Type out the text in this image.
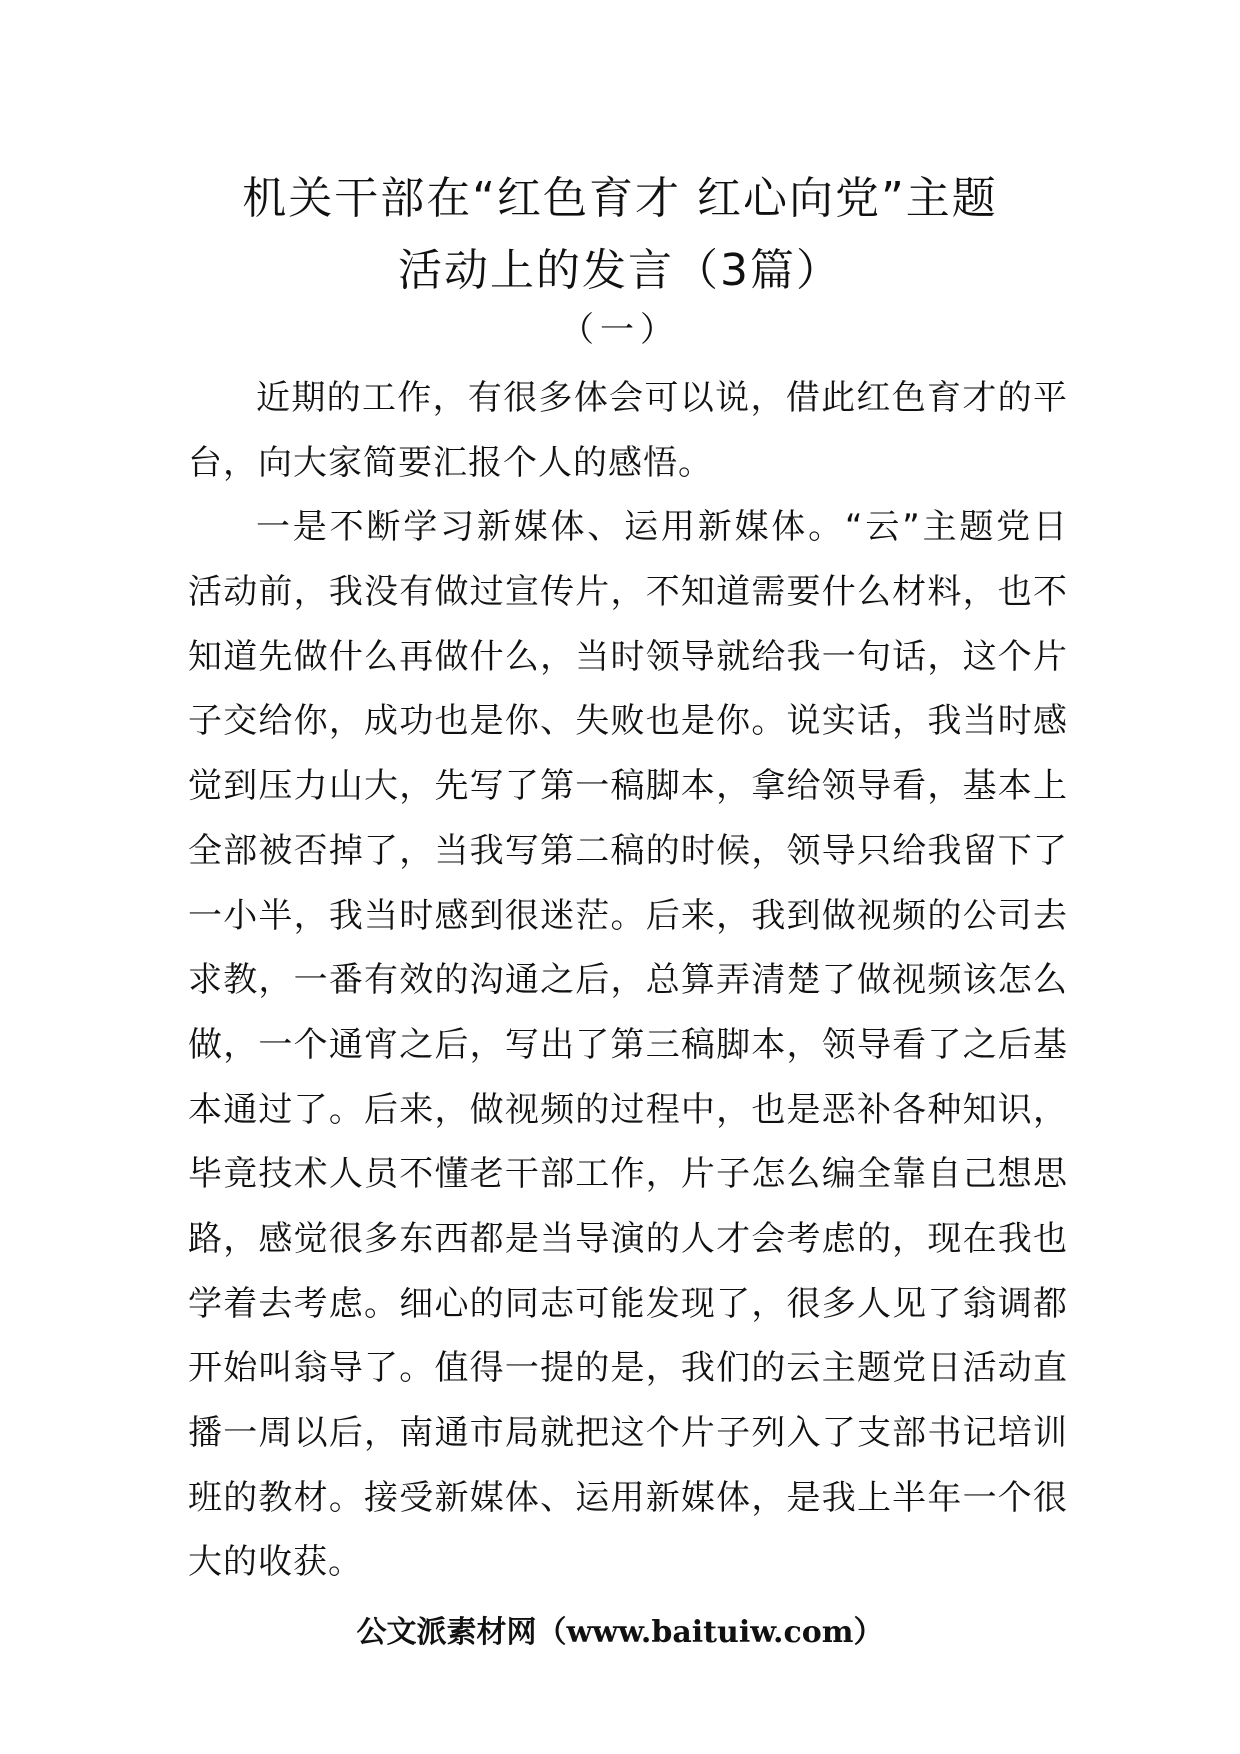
机关干部在“红色育才 红心向党”主题
活动上的发言（3篇）
（一）
近期的工作，有很多体会可以说，借此红色育才的平
台，向大家简要汇报个人的感悟。
一是不断学习新媒体、运用新媒体。“云”主题党日
活动前，我没有做过宣传片，不知道需要什么材料，也不
知道先做什么再做什么，当时领导就给我一句话，这个片
子交给你，成功也是你、失败也是你。说实话，我当时感
觉到压力山大，先写了第一稿脚本，拿给领导看，基本上
全部被否掉了，当我写第二稿的时候，领导只给我留下了
一小半，我当时感到很迷茫。后来，我到做视频的公司去
求教，一番有效的沟通之后，总算弄清楚了做视频该怎么
做，一个通宵之后，写出了第三稿脚本，领导看了之后基
本通过了。后来，做视频的过程中，也是恶补各种知识，
毕竟技术人员不懂老干部工作，片子怎么编全靠自己想思
路，感觉很多东西都是当导演的人才会考虑的，现在我也
学着去考虑。细心的同志可能发现了，很多人见了翁调都
开始叫翁导了。值得一提的是，我们的云主题党日活动直
播一周以后，南通市局就把这个片子列入了支部书记培训
班的教材。接受新媒体、运用新媒体，是我上半年一个很
大的收获。
公文派素材网（www.baituiw.com）
